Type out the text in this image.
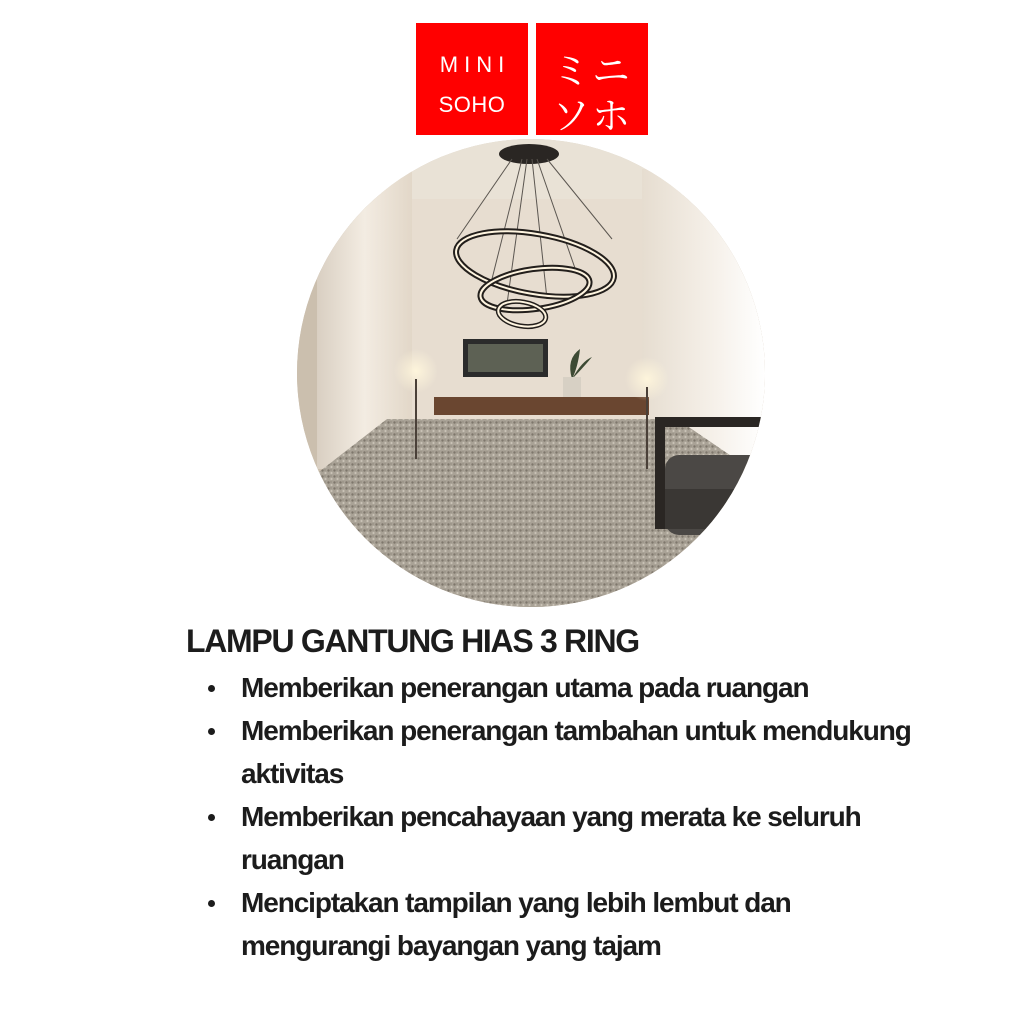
MINI
SOHO
ミニ
ソホ
LAMPU GANTUNG HIAS 3 RING
Memberikan penerangan utama pada ruangan
Memberikan penerangan tambahan untuk mendukung aktivitas
Memberikan pencahayaan yang merata ke seluruh ruangan
Menciptakan tampilan yang lebih lembut dan mengurangi bayangan yang tajam
